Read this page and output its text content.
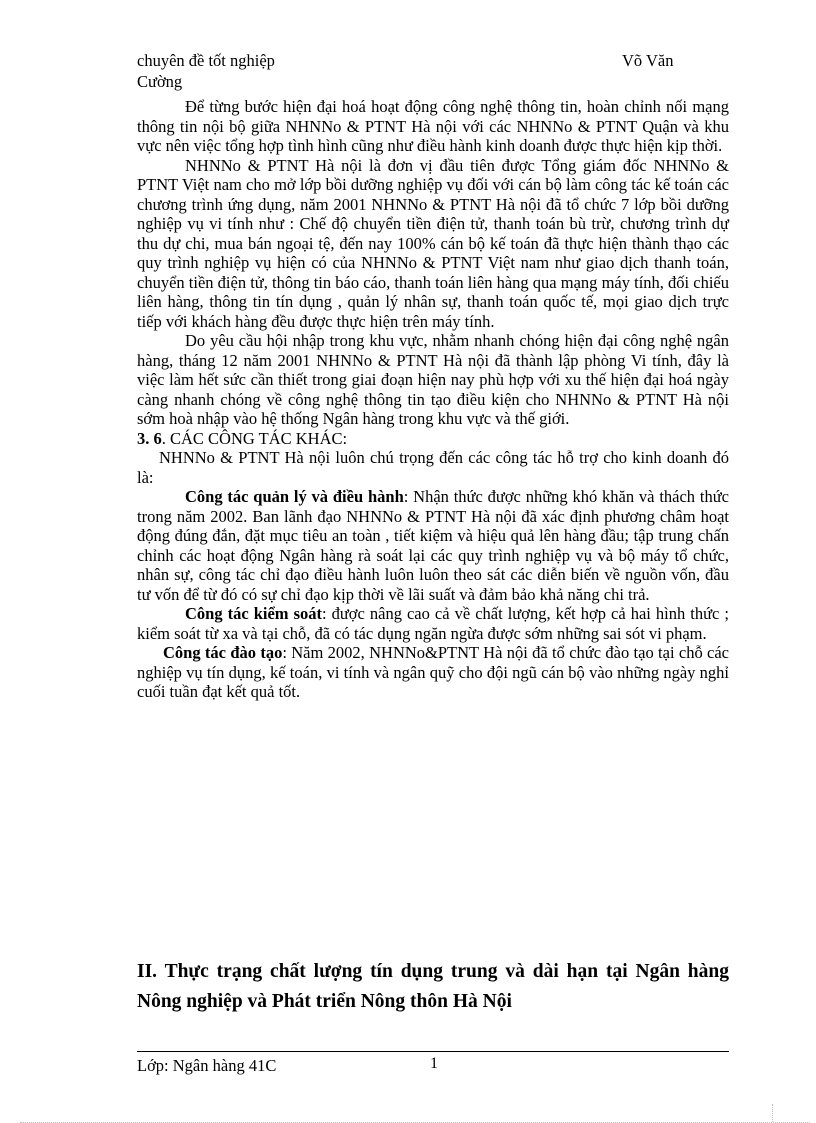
chuyên đề tốt nghiệp	Võ Văn
Cường

Để từng bước hiện đại hoá hoạt động công nghệ thông tin, hoàn chỉnh nối mạng thông tin nội bộ giữa NHNNo & PTNT Hà nội với các NHNNo & PTNT Quận và khu vực nên việc tổng hợp tình hình cũng như điều hành kinh doanh được thực hiện kịp thời.

NHNNo & PTNT Hà nội là đơn vị đầu tiên được Tổng giám đốc NHNNo & PTNT Việt nam cho mở lớp bồi dưỡng nghiệp vụ đối với cán bộ làm công tác kế toán các chương trình ứng dụng, năm 2001 NHNNo & PTNT Hà nội đã tổ chức 7 lớp bồi dưỡng nghiệp vụ vi tính như : Chế độ chuyển tiền điện tử, thanh toán bù trừ, chương trình dự thu dự chi, mua bán ngoại tệ, đến nay 100% cán bộ kế toán đã thực hiện thành thạo các quy trình nghiệp vụ hiện có của NHNNo & PTNT Việt nam như giao dịch thanh toán, chuyển tiền điện tử, thông tin báo cáo, thanh toán liên hàng qua mạng máy tính, đối chiếu liên hàng, thông tin tín dụng , quản lý nhân sự, thanh toán quốc tế, mọi giao dịch trực tiếp với khách hàng đều được thực hiện trên máy tính.

Do yêu cầu hội nhập trong khu vực, nhằm nhanh chóng hiện đại công nghệ ngân hàng, tháng 12 năm 2001 NHNNo & PTNT Hà nội đã thành lập phòng Vi tính, đây là việc làm hết sức cần thiết trong giai đoạn hiện nay phù hợp với xu thế hiện đại hoá ngày càng nhanh chóng về công nghệ thông tin tạo điều kiện cho NHNNo & PTNT Hà nội sớm hoà nhập vào hệ thống Ngân hàng trong khu vực và thế giới.

3. 6. CÁC CÔNG TÁC KHÁC:

NHNNo & PTNT Hà nội luôn chú trọng đến các công tác hỗ trợ cho kinh doanh đó là:

Công tác quản lý và điều hành: Nhận thức được những khó khăn và thách thức trong năm 2002. Ban lãnh đạo NHNNo & PTNT Hà nội đã xác định phương châm hoạt động đúng đắn, đặt mục tiêu an toàn , tiết kiệm và hiệu quả lên hàng đầu; tập trung chấn chỉnh các hoạt động Ngân hàng rà soát lại các quy trình nghiệp vụ và bộ máy tổ chức, nhân sự, công tác chỉ đạo điều hành luôn luôn theo sát các diễn biến về nguồn vốn, đầu tư vốn để từ đó có sự chỉ đạo kịp thời về lãi suất và đảm bảo khả năng chi trả.

Công tác kiểm soát: được nâng cao cả về chất lượng, kết hợp cả hai hình thức ; kiểm soát từ xa và tại chỗ, đã có tác dụng ngăn ngừa được sớm những sai sót vi phạm.

Công tác đào tạo: Năm 2002, NHNNo&PTNT Hà nội đã tổ chức đào tạo tại chỗ các nghiệp vụ tín dụng, kế toán, vi tính và ngân quỹ cho đội ngũ cán bộ vào những ngày nghỉ cuối tuần đạt kết quả tốt.

II. Thực trạng chất lượng tín dụng trung và dài hạn tại Ngân hàng Nông nghiệp và Phát triển Nông thôn Hà Nội
Lớp: Ngân hàng 41C	1
